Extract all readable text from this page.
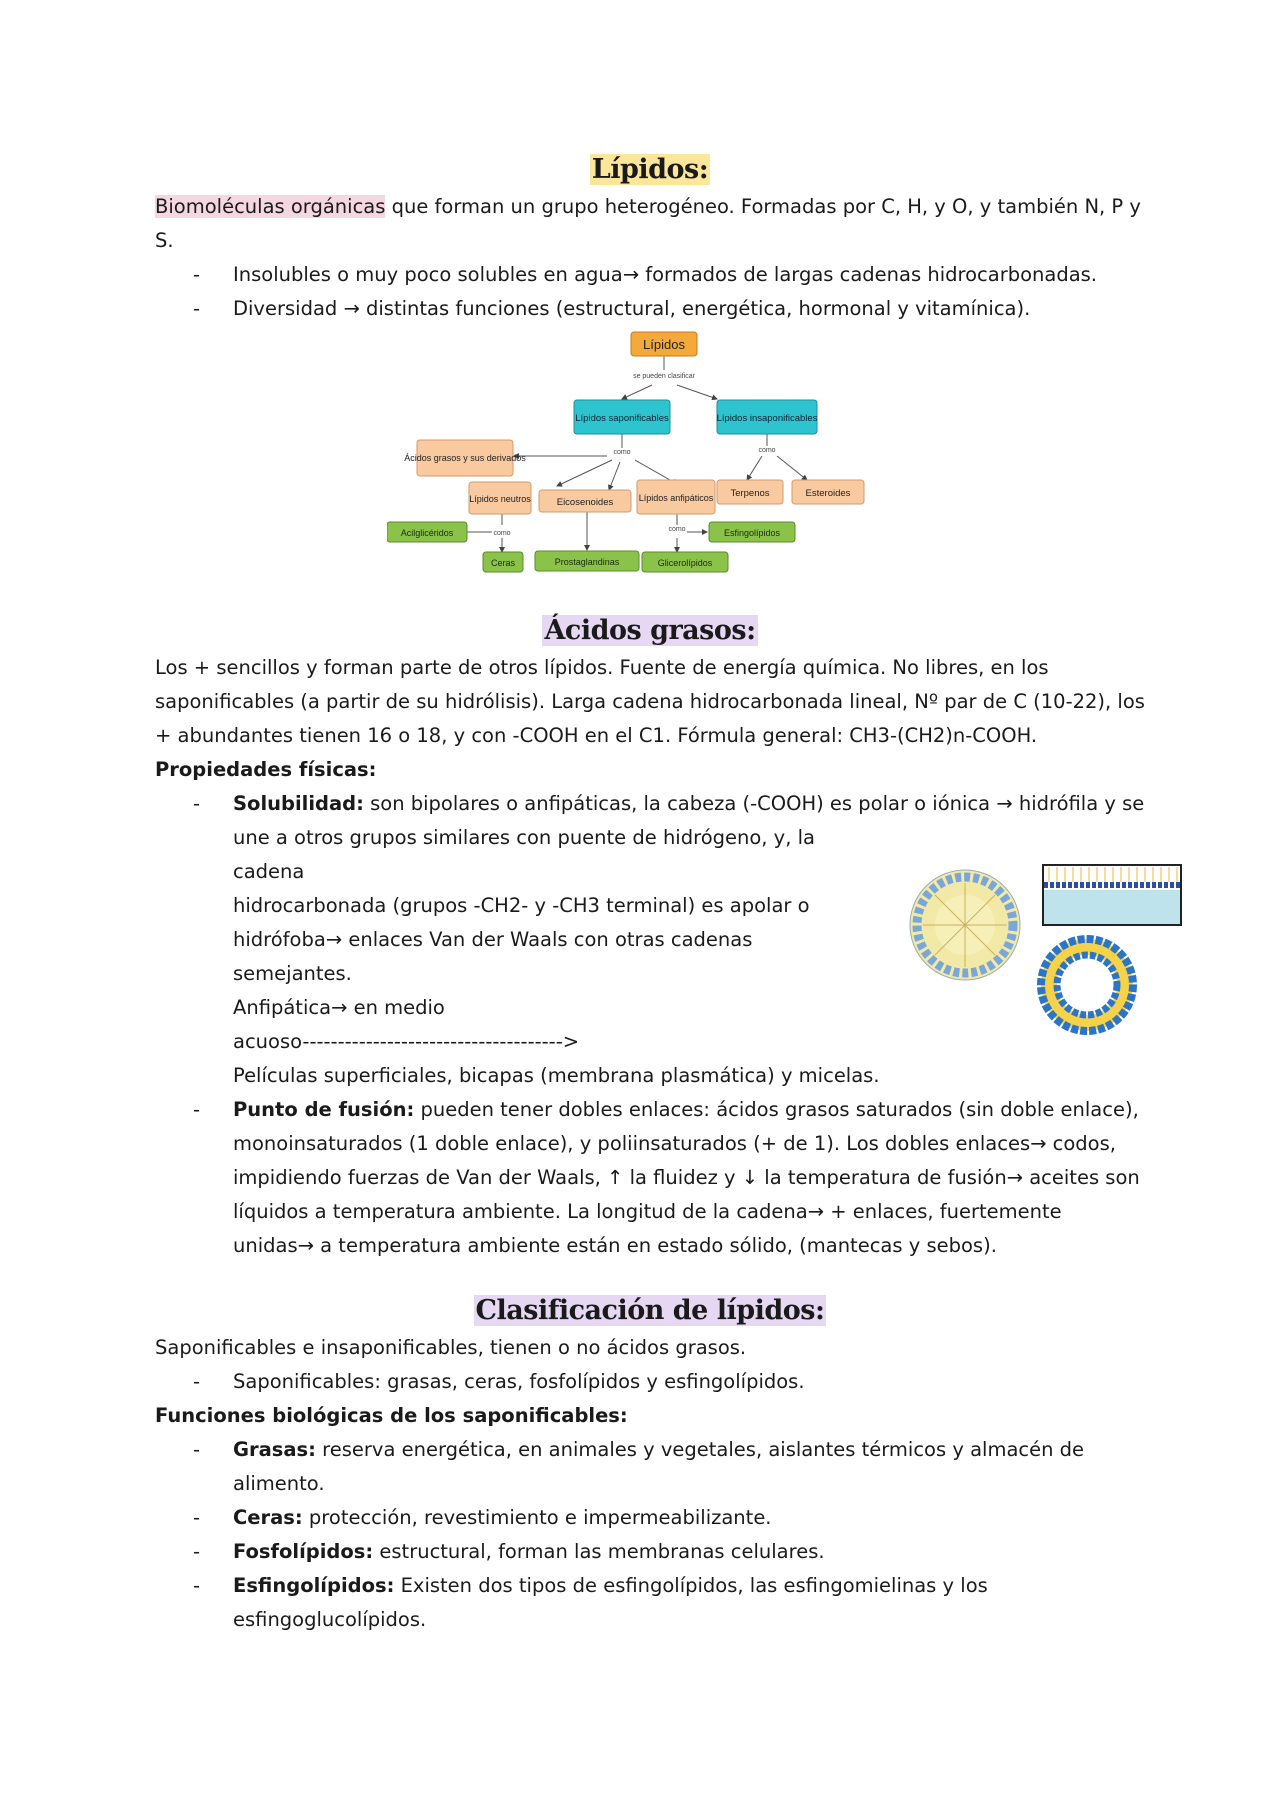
Lípidos:

Biomoléculas orgánicas que forman un grupo heterogéneo. Formadas por C, H, y O, y también N, P y S.

- Insolubles o muy poco solubles en agua→ formados de largas cadenas hidrocarbonadas.
- Diversidad → distintas funciones (estructural, energética, hormonal y vitamínica).
Lípidos
se pueden clasificar
Lípidos saponificables	Lípidos insaponificables
como	como
Ácidos grasos y sus derivados
Lípidos neutros	Eicosenoides	Lípidos anfipáticos Terpenos	Esteroides
como
como
Acilglicéridos	Esfingolípidos
Ceras	Prostaglandinas	Glicerolípidos
Ácidos grasos:

Los + sencillos y forman parte de otros lípidos. Fuente de energía química. No libres, en los saponificables (a partir de su hidrólisis). Larga cadena hidrocarbonada lineal, Nº par de C (10-22), los + abundantes tienen 16 o 18, y con -COOH en el C1. Fórmula general: CH3-(CH2)n-COOH.

Propiedades físicas:

- Solubilidad: son bipolares o anfipáticas, la cabeza (-COOH) es polar o iónica → hidrófila y se
une a otros grupos similares con puente de hidrógeno, y, la cadena
hidrocarbonada (grupos -CH2- y -CH3 terminal) es apolar o
hidrófoba→ enlaces Van der Waals con otras cadenas semejantes.
Anfipática→ en medio
acuoso------------------------------------->
Películas superficiales, bicapas (membrana plasmática) y micelas.
- Punto de fusión: pueden tener dobles enlaces: ácidos grasos saturados (sin doble enlace), monoinsaturados (1 doble enlace), y poliinsaturados (+ de 1). Los dobles enlaces→ codos, impidiendo fuerzas de Van der Waals, ↑ la fluidez y ↓ la temperatura de fusión→ aceites son líquidos a temperatura ambiente. La longitud de la cadena→ + enlaces, fuertemente unidas→ a temperatura ambiente están en estado sólido, (mantecas y sebos).
Clasificación de lípidos:

Saponificables e insaponificables, tienen o no ácidos grasos.

- Saponificables: grasas, ceras, fosfolípidos y esfingolípidos.

Funciones biológicas de los saponificables:

- Grasas: reserva energética, en animales y vegetales, aislantes térmicos y almacén de alimento.
- Ceras: protección, revestimiento e impermeabilizante.
- Fosfolípidos: estructural, forman las membranas celulares.
- Esfingolípidos: Existen dos tipos de esfingolípidos, las esfingomielinas y los esfingoglucolípidos.
